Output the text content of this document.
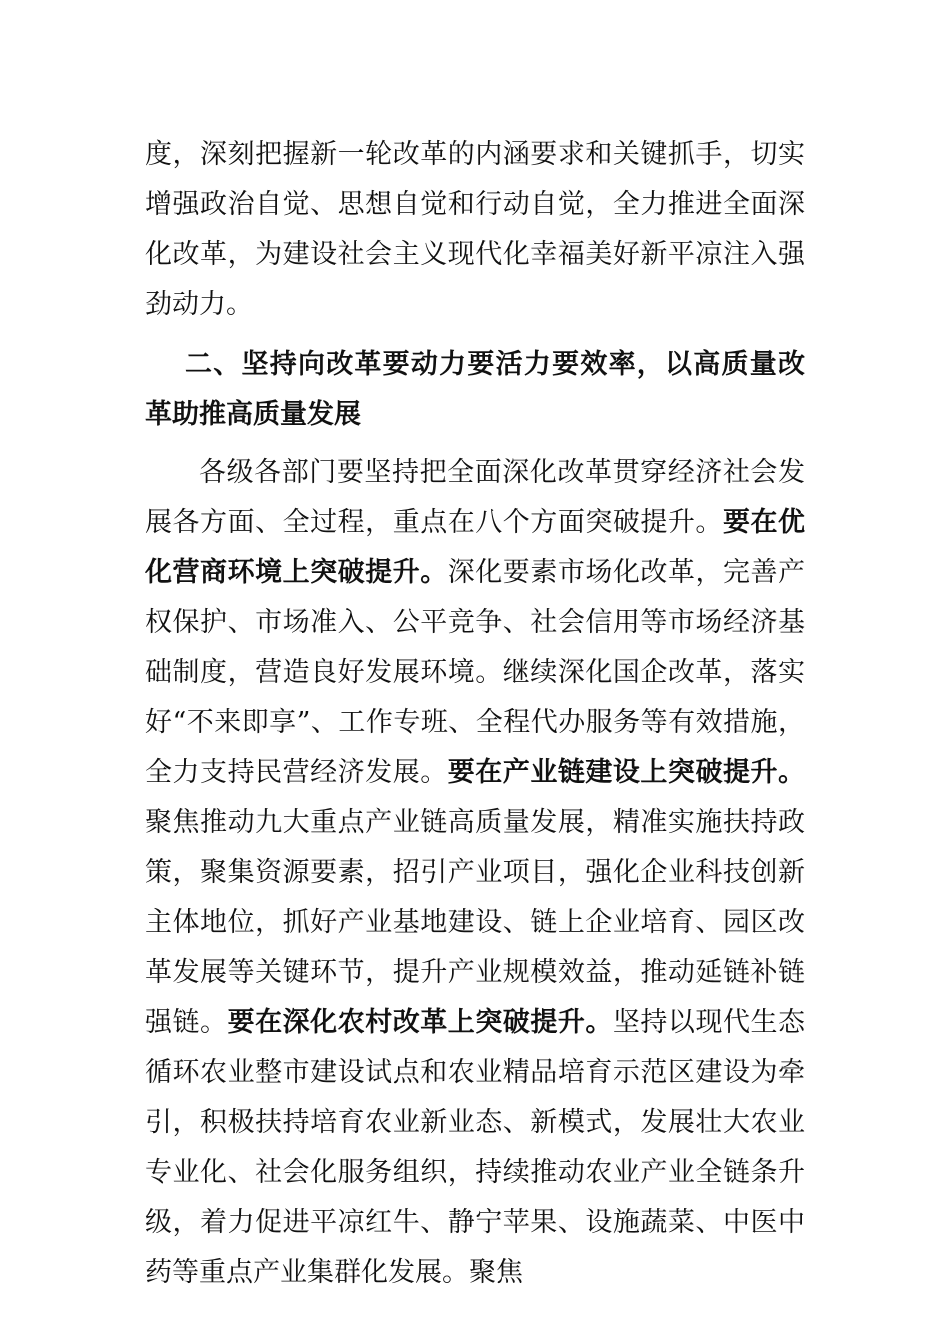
度，深刻把握新一轮改革的内涵要求和关键抓手，切实增强政治自觉、思想自觉和行动自觉，全力推进全面深化改革，为建设社会主义现代化幸福美好新平凉注入强劲动力。

二、坚持向改革要动力要活力要效率，以高质量改革助推高质量发展

各级各部门要坚持把全面深化改革贯穿经济社会发展各方面、全过程，重点在八个方面突破提升。要在优化营商环境上突破提升。深化要素市场化改革，完善产权保护、市场准入、公平竞争、社会信用等市场经济基础制度，营造良好发展环境。继续深化国企改革，落实好“不来即享”、工作专班、全程代办服务等有效措施，全力支持民营经济发展。要在产业链建设上突破提升。聚焦推动九大重点产业链高质量发展，精准实施扶持政策，聚集资源要素，招引产业项目，强化企业科技创新主体地位，抓好产业基地建设、链上企业培育、园区改革发展等关键环节，提升产业规模效益，推动延链补链强链。要在深化农村改革上突破提升。坚持以现代生态循环农业整市建设试点和农业精品培育示范区建设为牵引，积极扶持培育农业新业态、新模式，发展壮大农业专业化、社会化服务组织，持续推动农业产业全链条升级，着力促进平凉红牛、静宁苹果、设施蔬菜、中医中药等重点产业集群化发展。聚焦
